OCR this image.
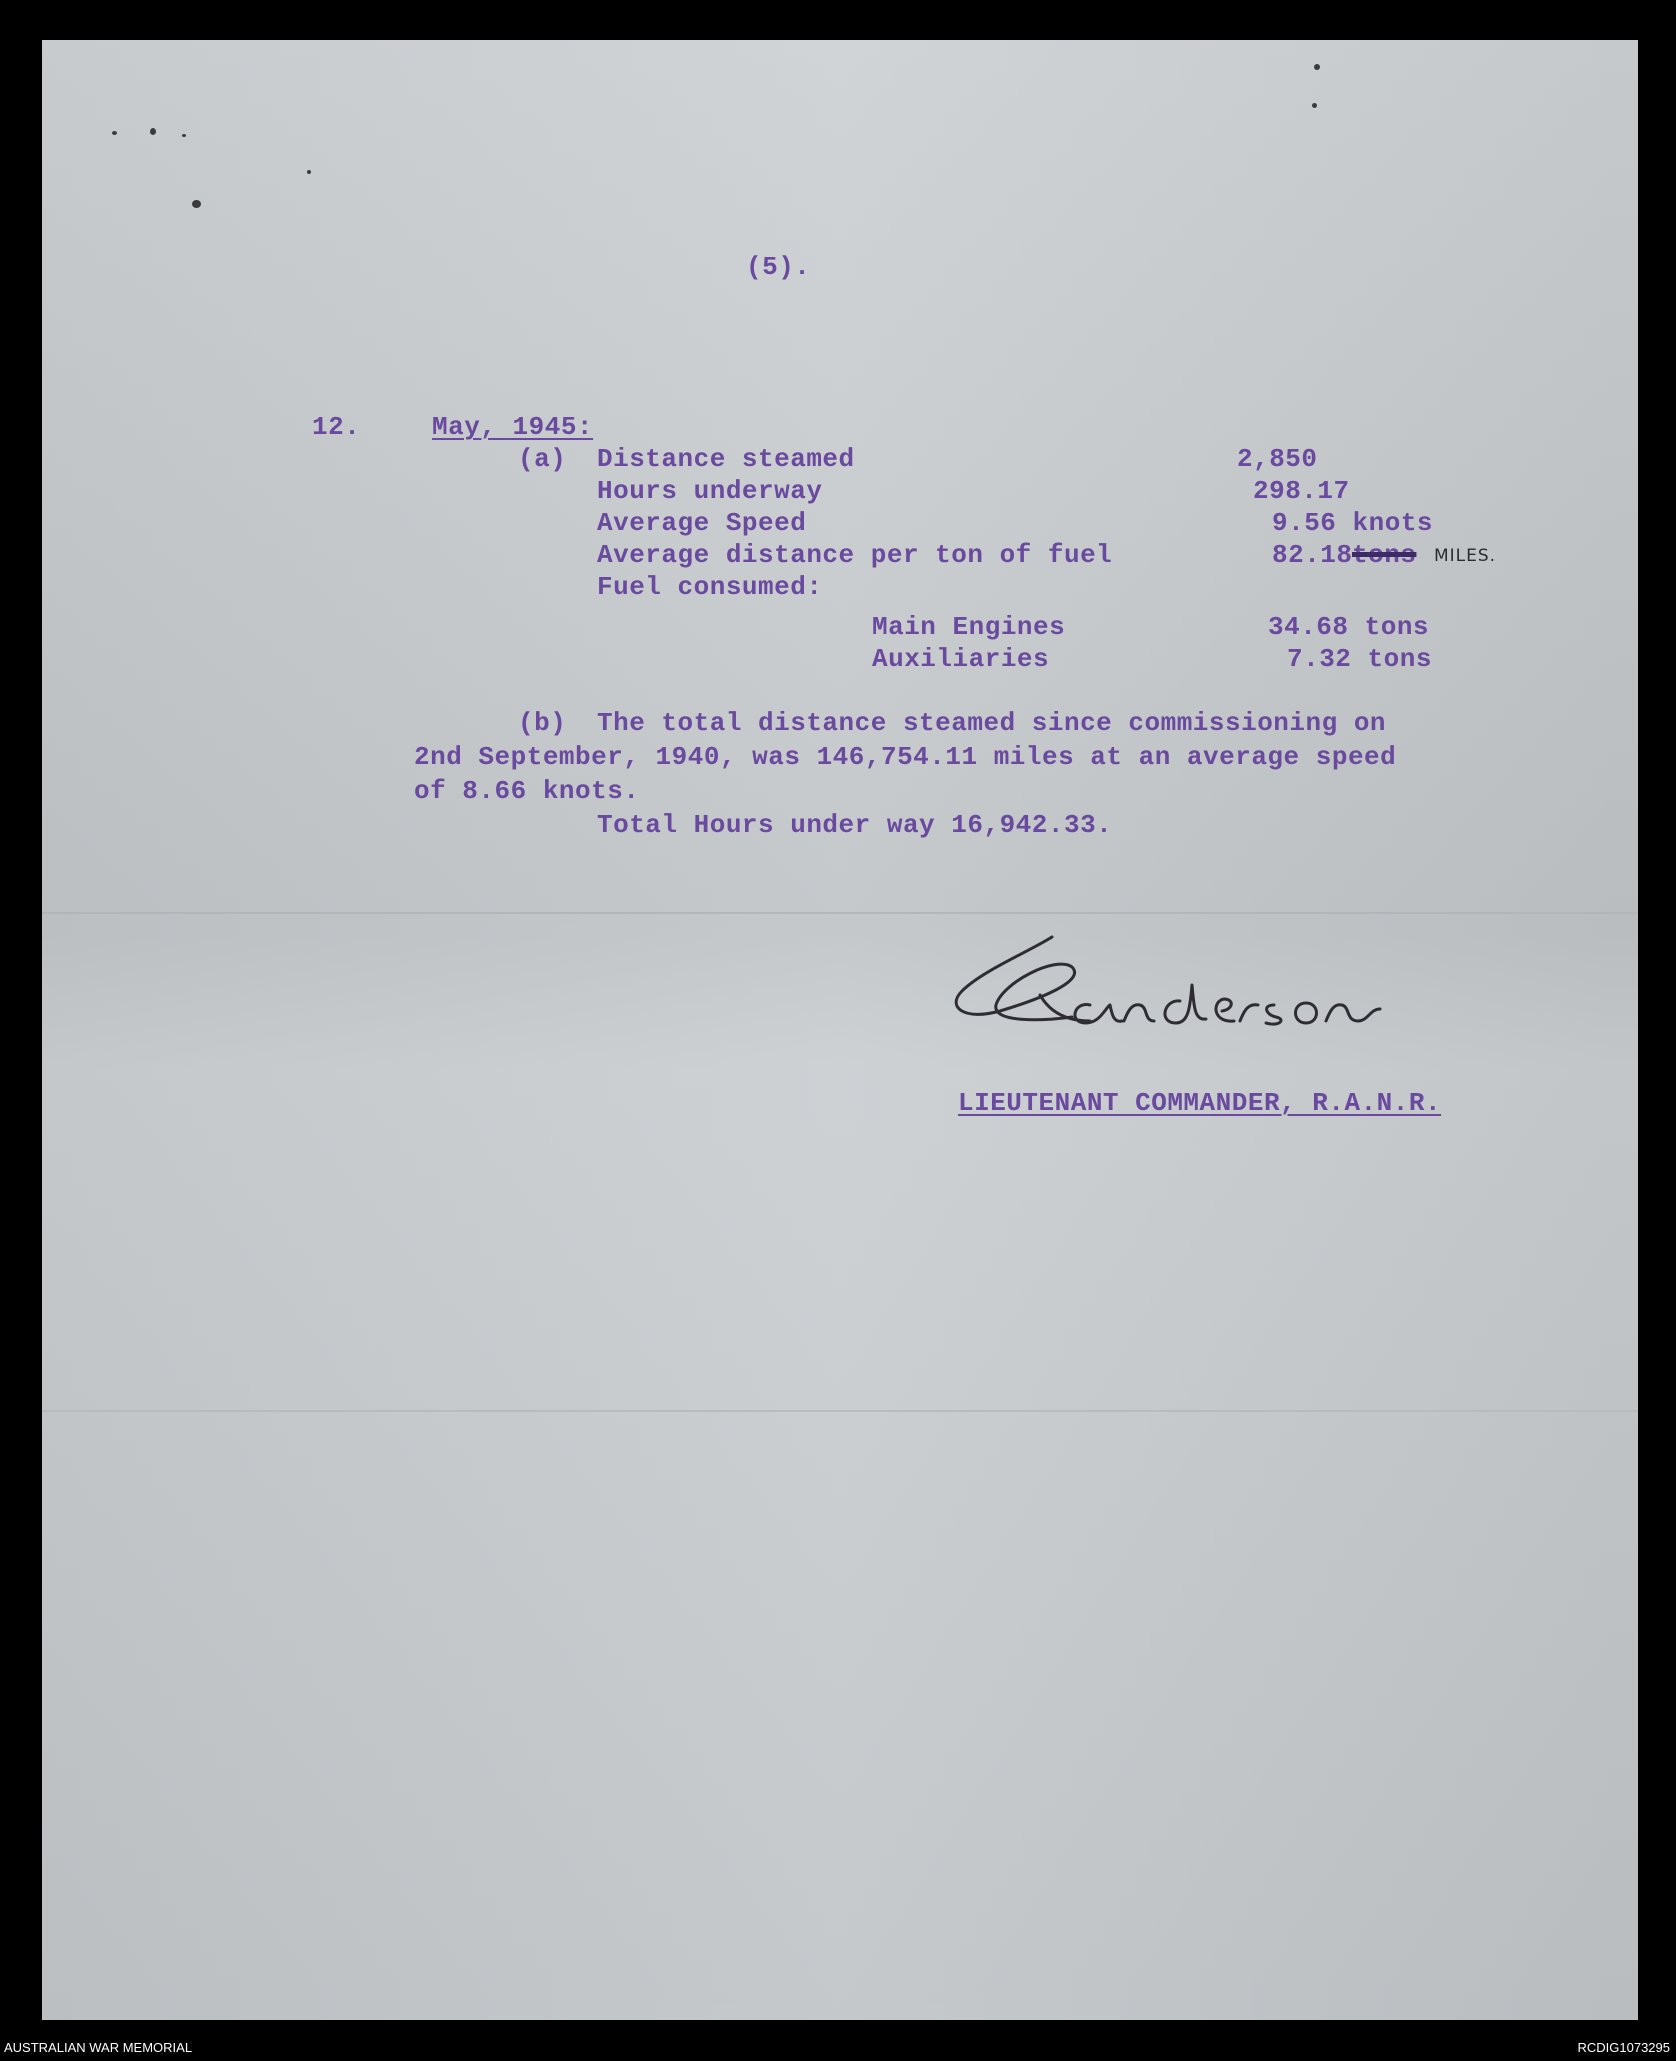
(5).
12.	May, 1945:
(a) Distance steamed	2,850
Hours underway	298.17
Average Speed	9.56 knots
Average distance per ton of fuel	82.18 tons MILES.
Fuel consumed:
Main Engines	34.68 tons
Auxiliaries	7.32 tons
(b) The total distance steamed since commissioning on
2nd September, 1940, was 146,754.11 miles at an average speed
of 8.66 knots.
Total Hours under way 16,942.33.
LIEUTENANT COMMANDER, R.A.N.R.
AUSTRALIAN WAR MEMORIAL	RCDIG1073295
